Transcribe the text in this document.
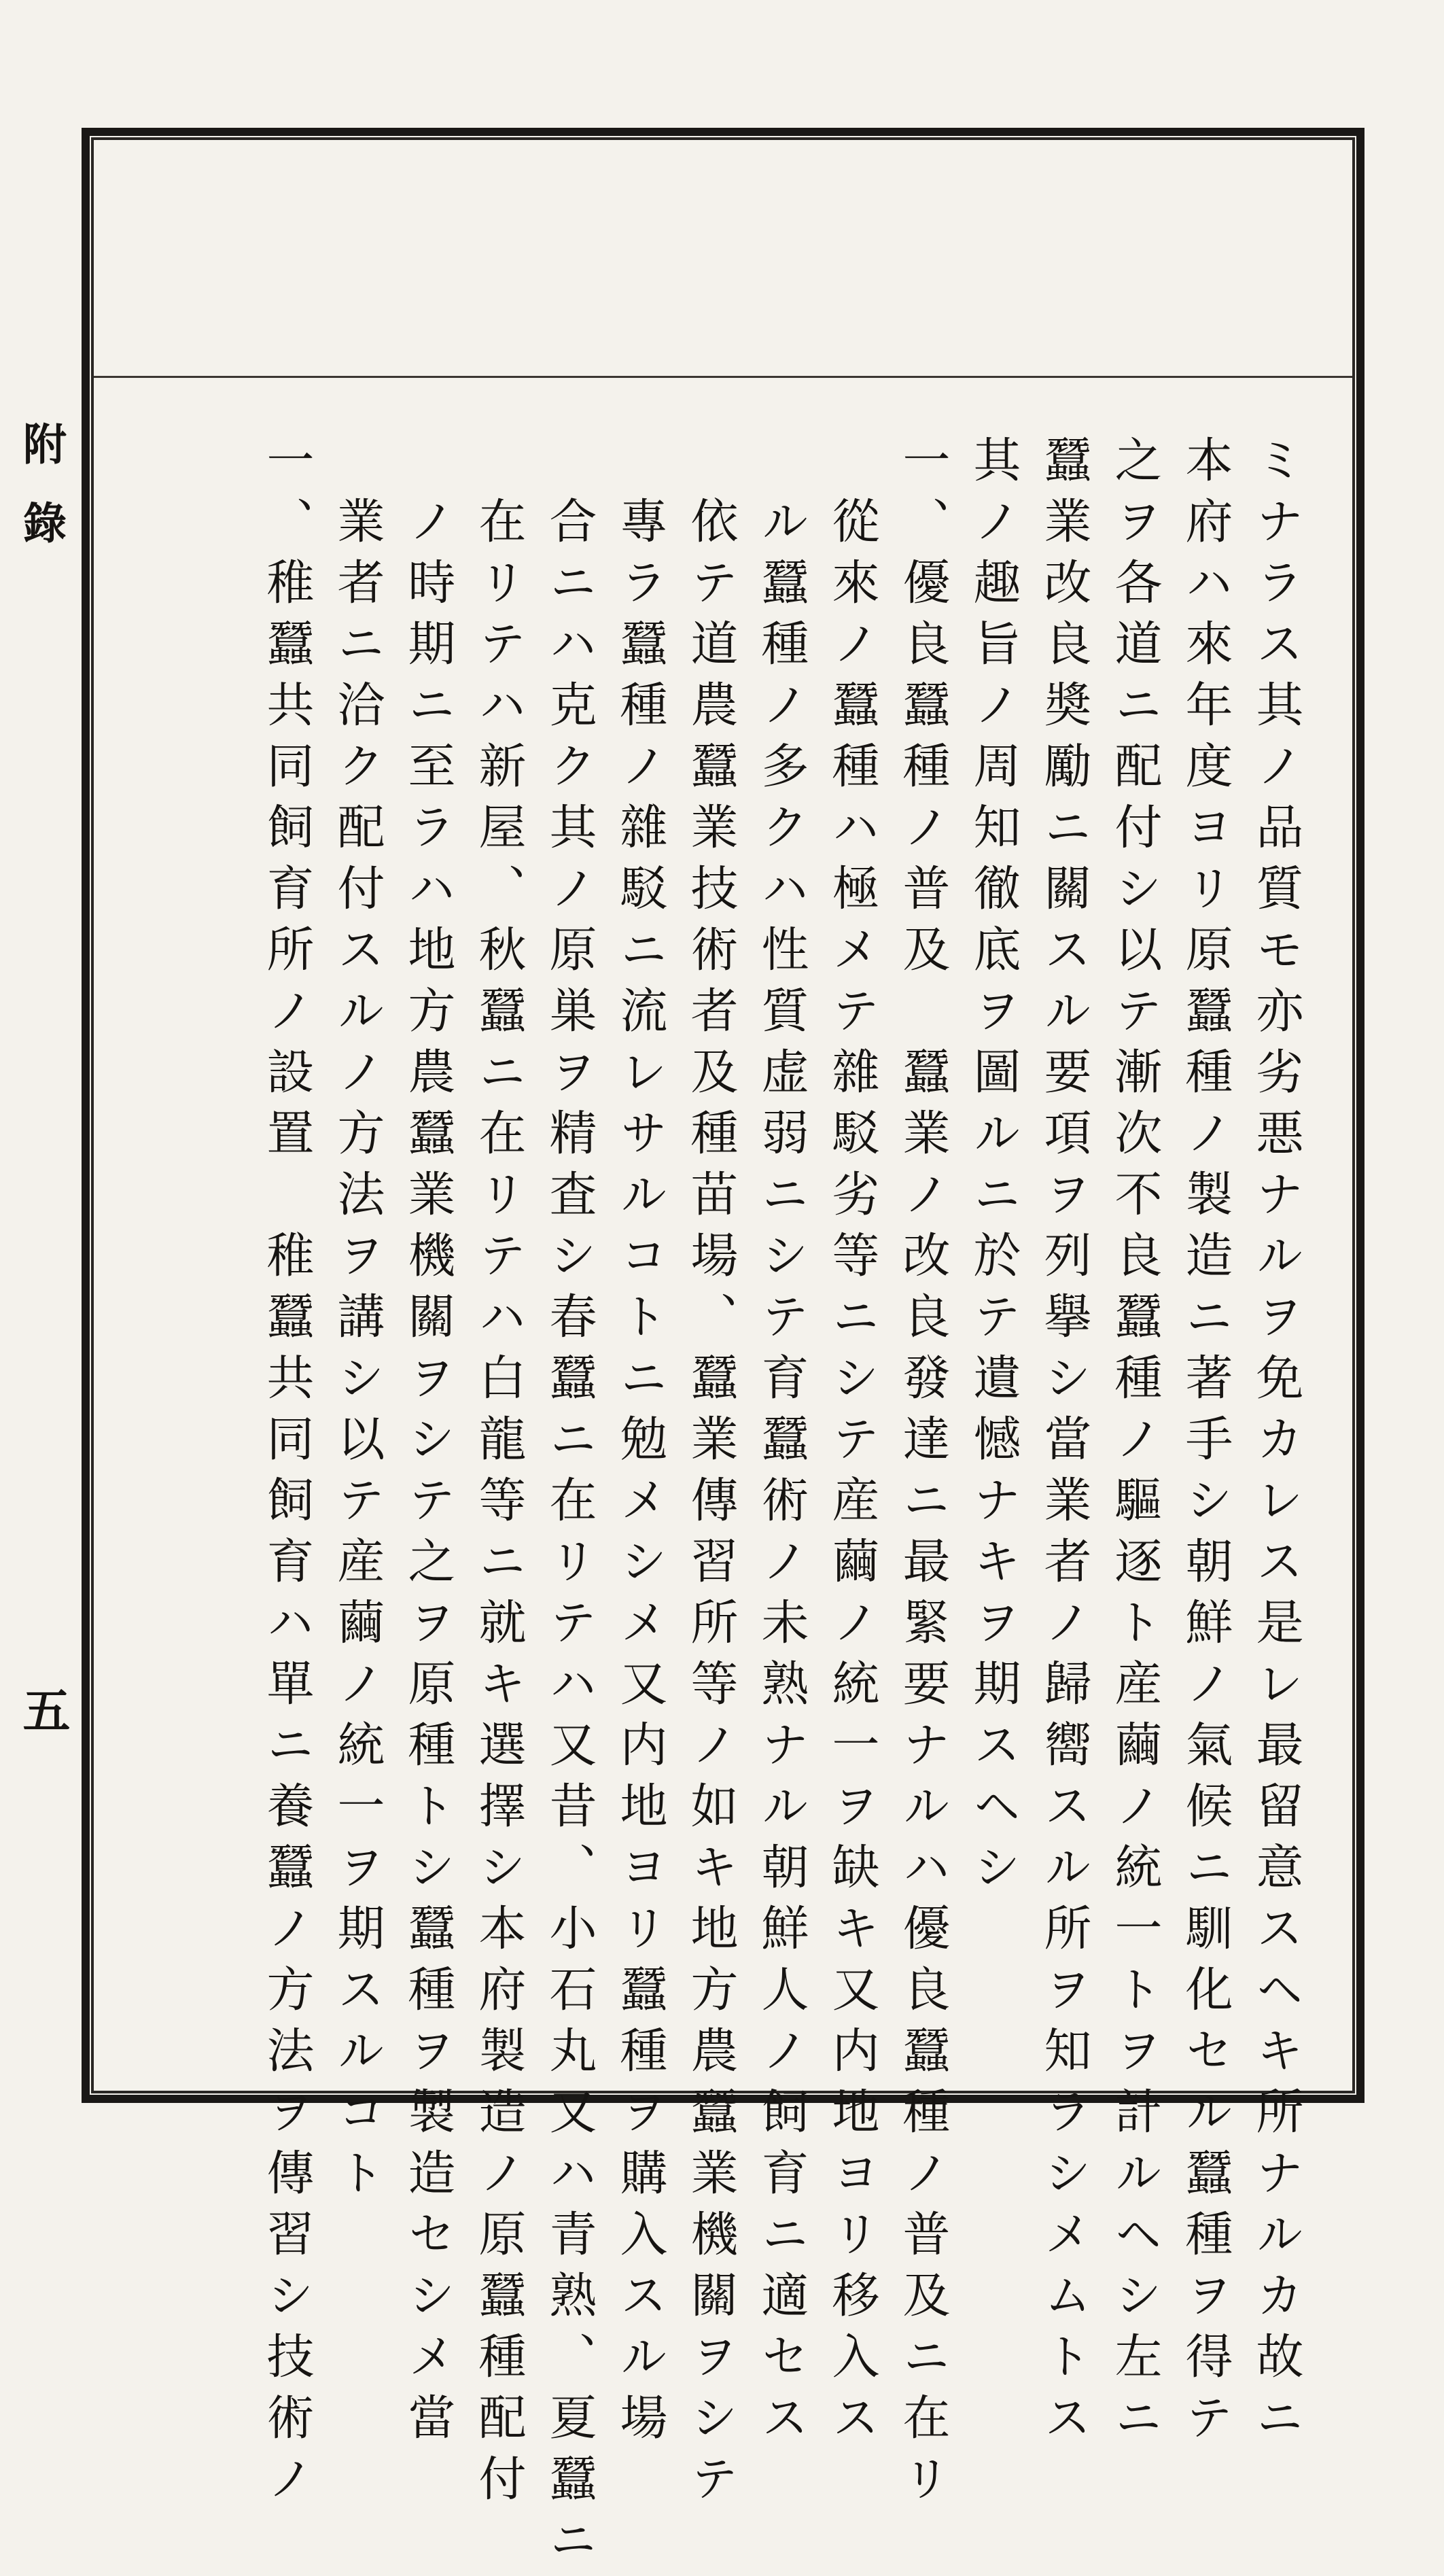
附錄
五	ミナラス其ノ品質モ亦劣悪ナルヲ免カレス是レ最留意スヘキ所ナルカ故ニ
本府ハ來年度ヨリ原蠶種ノ製造ニ著手シ朝鮮ノ氣候ニ馴化セル蠶種ヲ得テ
之ヲ各道ニ配付シ以テ漸次不良蠶種ノ驅逐ト産繭ノ統一トヲ計ルヘシ左ニ
蠶業改良奬勵ニ關スル要項ヲ列擧シ當業者ノ歸嚮スル所ヲ知ラシメムトス
其ノ趣旨ノ周知徹底ヲ圖ルニ於テ遺憾ナキヲ期スヘシ
一、優良蠶種ノ普及　蠶業ノ改良發達ニ最緊要ナルハ優良蠶種ノ普及ニ在リ
從來ノ蠶種ハ極メテ雜駁劣等ニシテ産繭ノ統一ヲ缺キ又内地ヨリ移入ス
ル蠶種ノ多クハ性質虚弱ニシテ育蠶術ノ未熟ナル朝鮮人ノ飼育ニ適セス
依テ道農蠶業技術者及種苗場、蠶業傳習所等ノ如キ地方農蠶業機關ヲシテ
專ラ蠶種ノ雜駁ニ流レサルコトニ勉メシメ又内地ヨリ蠶種ヲ購入スル場
合ニハ克ク其ノ原巣ヲ精査シ春蠶ニ在リテハ又昔、小石丸又ハ青熟、夏蠶ニ
在リテハ新屋、秋蠶ニ在リテハ白龍等ニ就キ選擇シ本府製造ノ原蠶種配付
ノ時期ニ至ラハ地方農蠶業機關ヲシテ之ヲ原種トシ蠶種ヲ製造セシメ當
業者ニ洽ク配付スルノ方法ヲ講シ以テ産繭ノ統一ヲ期スルコト
一、稚蠶共同飼育所ノ設置　稚蠶共同飼育ハ單ニ養蠶ノ方法ヲ傳習シ技術ノ
